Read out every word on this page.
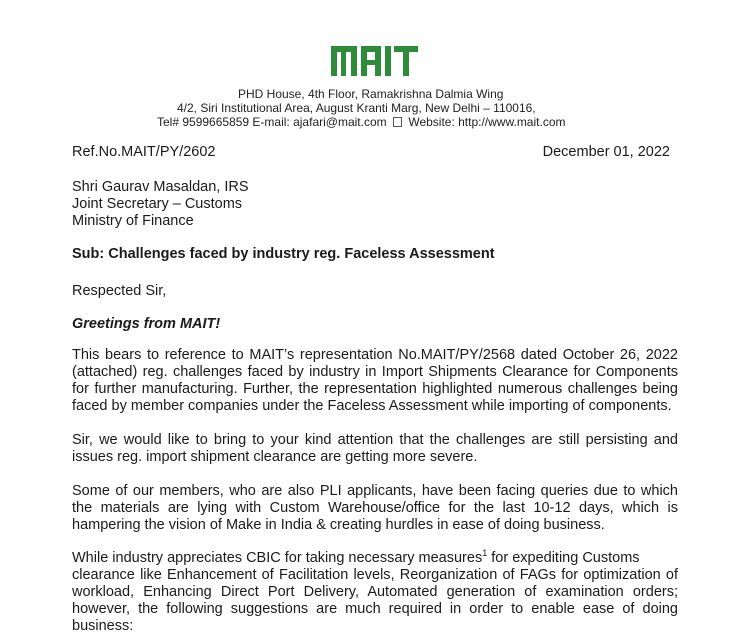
PHD House, 4th Floor, Ramakrishna Dalmia Wing
4/2, Siri Institutional Area, August Kranti Marg, New Delhi – 110016,
Tel# 9599665859 E-mail: ajafari@mait.com Website: http://www.mait.com
Ref.No.MAIT/PY/2602	December 01, 2022
Shri Gaurav Masaldan, IRS
Joint Secretary – Customs
Ministry of Finance
Sub: Challenges faced by industry reg. Faceless Assessment
Respected Sir,
Greetings from MAIT!
This bears to reference to MAIT’s representation No.MAIT/PY/2568 dated October 26, 2022
(attached) reg. challenges faced by industry in Import Shipments Clearance for Components
for further manufacturing. Further, the representation highlighted numerous challenges being
faced by member companies under the Faceless Assessment while importing of components.
Sir, we would like to bring to your kind attention that the challenges are still persisting and
issues reg. import shipment clearance are getting more severe.
Some of our members, who are also PLI applicants, have been facing queries due to which
the materials are lying with Custom Warehouse/office for the last 10-12 days, which is
hampering the vision of Make in India & creating hurdles in ease of doing business.
While industry appreciates CBIC for taking necessary measures$^1$ for expediting Customs
clearance like Enhancement of Facilitation levels, Reorganization of FAGs for optimization of
workload, Enhancing Direct Port Delivery, Automated generation of examination orders;
however, the following suggestions are much required in order to enable ease of doing
business:
